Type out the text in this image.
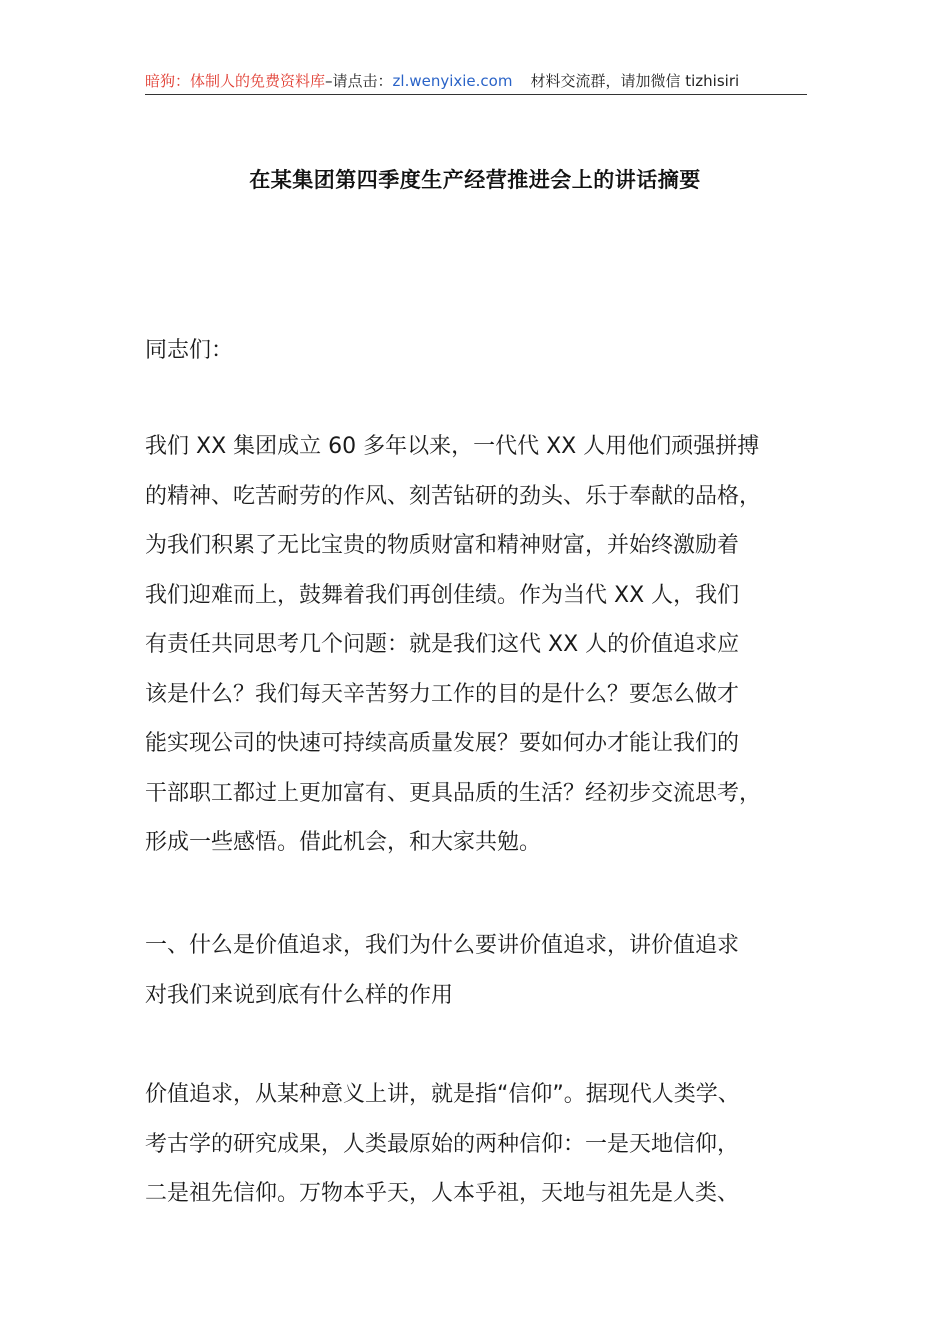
暗狗：体制人的免费资料库 –请点击： zl.wenyixie.com 材料交流群，请加微信 tizhisiri
在某集团第四季度生产经营推进会上的讲话摘要
同志们：
我们 XX 集团成立 60 多年以来，一代代 XX 人用他们顽强拼搏
的精神、吃苦耐劳的作风、刻苦钻研的劲头、乐于奉献的品格，
为我们积累了无比宝贵的物质财富和精神财富，并始终激励着
我们迎难而上，鼓舞着我们再创佳绩。作为当代 XX 人，我们
有责任共同思考几个问题：就是我们这代 XX 人的价值追求应
该是什么？我们每天辛苦努力工作的目的是什么？要怎么做才
能实现公司的快速可持续高质量发展？要如何办才能让我们的
干部职工都过上更加富有、更具品质的生活？经初步交流思考，
形成一些感悟。借此机会，和大家共勉。
一、什么是价值追求，我们为什么要讲价值追求，讲价值追求
对我们来说到底有什么样的作用
价值追求，从某种意义上讲，就是指“信仰”。据现代人类学、
考古学的研究成果，人类最原始的两种信仰：一是天地信仰，
二是祖先信仰。万物本乎天，人本乎祖，天地与祖先是人类、
